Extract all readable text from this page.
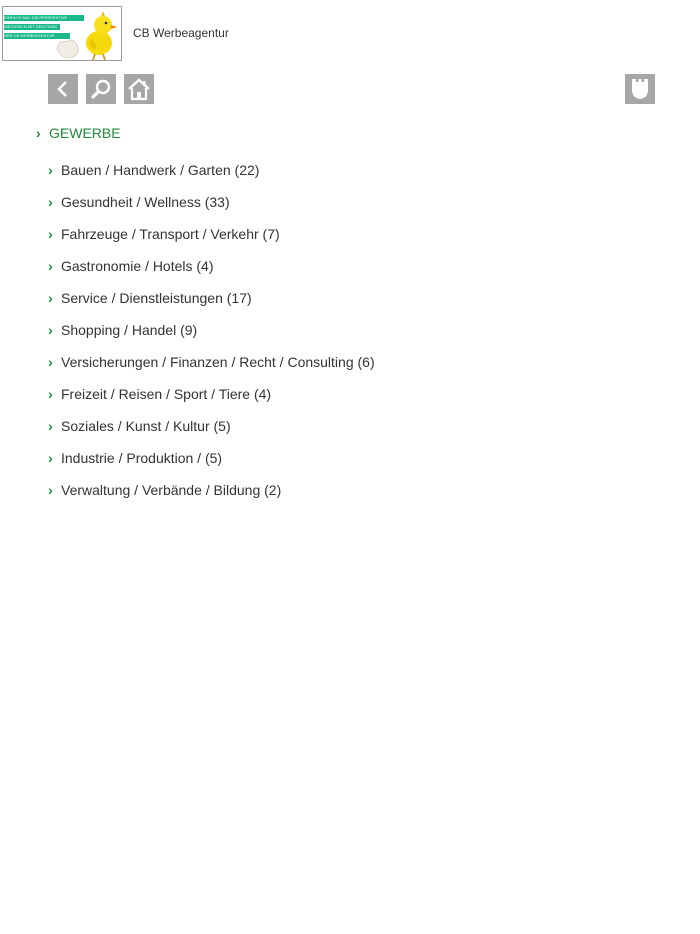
EINFACH MAL DIE PERSPEKTIVE
WECHSELN MIT DEM TEAM
DER CB WERBEAGENTUR	CB Werbeagentur
› GEWERBE
› Bauen / Handwerk / Garten (22)
› Gesundheit / Wellness (33)
› Fahrzeuge / Transport / Verkehr (7)
› Gastronomie / Hotels (4)
› Service / Dienstleistungen (17)
› Shopping / Handel (9)
› Versicherungen / Finanzen / Recht / Consulting (6)
› Freizeit / Reisen / Sport / Tiere (4)
› Soziales / Kunst / Kultur (5)
› Industrie / Produktion / (5)
› Verwaltung / Verbände / Bildung (2)
